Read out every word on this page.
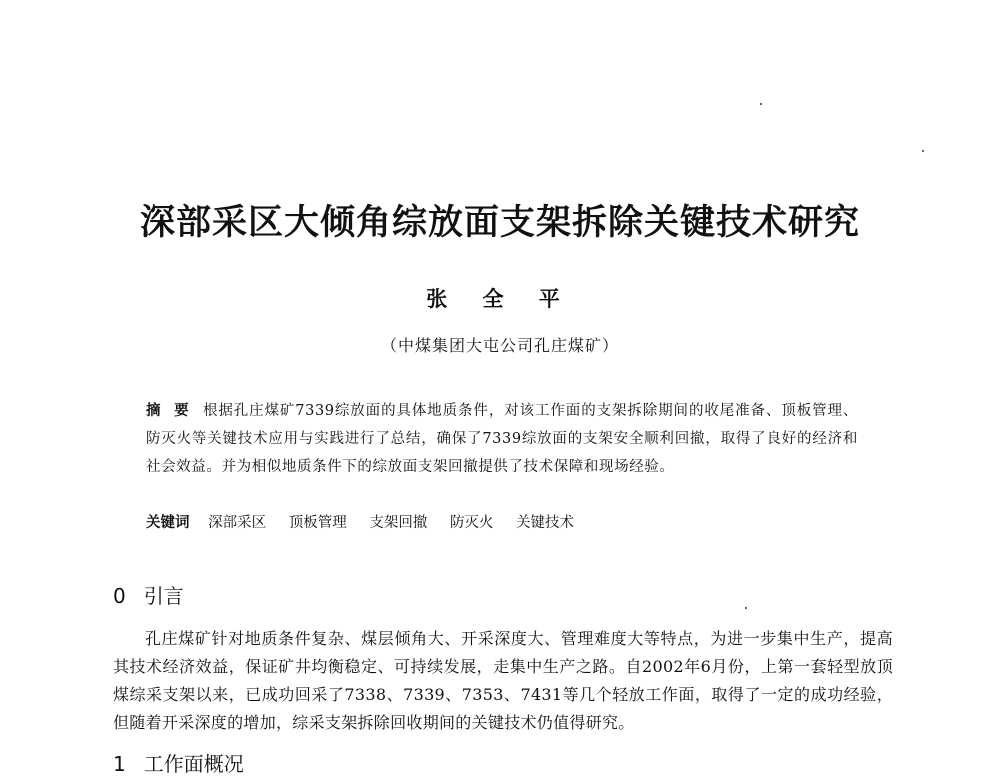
深部采区大倾角综放面支架拆除关键技术研究
张 全 平
（中煤集团大屯公司孔庄煤矿）
摘 要 根据孔庄煤矿7339综放面的具体地质条件，对该工作面的支架拆除期间的收尾准备、顶板管理、防灭火等关键技术应用与实践进行了总结，确保了7339综放面的支架安全顺利回撤，取得了良好的经济和社会效益。并为相似地质条件下的综放面支架回撤提供了技术保障和现场经验。
关键词 深部采区 顶板管理 支架回撤 防灭火 关键技术
0 引言
孔庄煤矿针对地质条件复杂、煤层倾角大、开采深度大、管理难度大等特点，为进一步集中生产，提高其技术经济效益，保证矿井均衡稳定、可持续发展，走集中生产之路。自2002年6月份，上第一套轻型放顶煤综采支架以来，已成功回采了7338、7339、7353、7431等几个轻放工作面，取得了一定的成功经验，但随着开采深度的增加，综采支架拆除回收期间的关键技术仍值得研究。
1 工作面概况
